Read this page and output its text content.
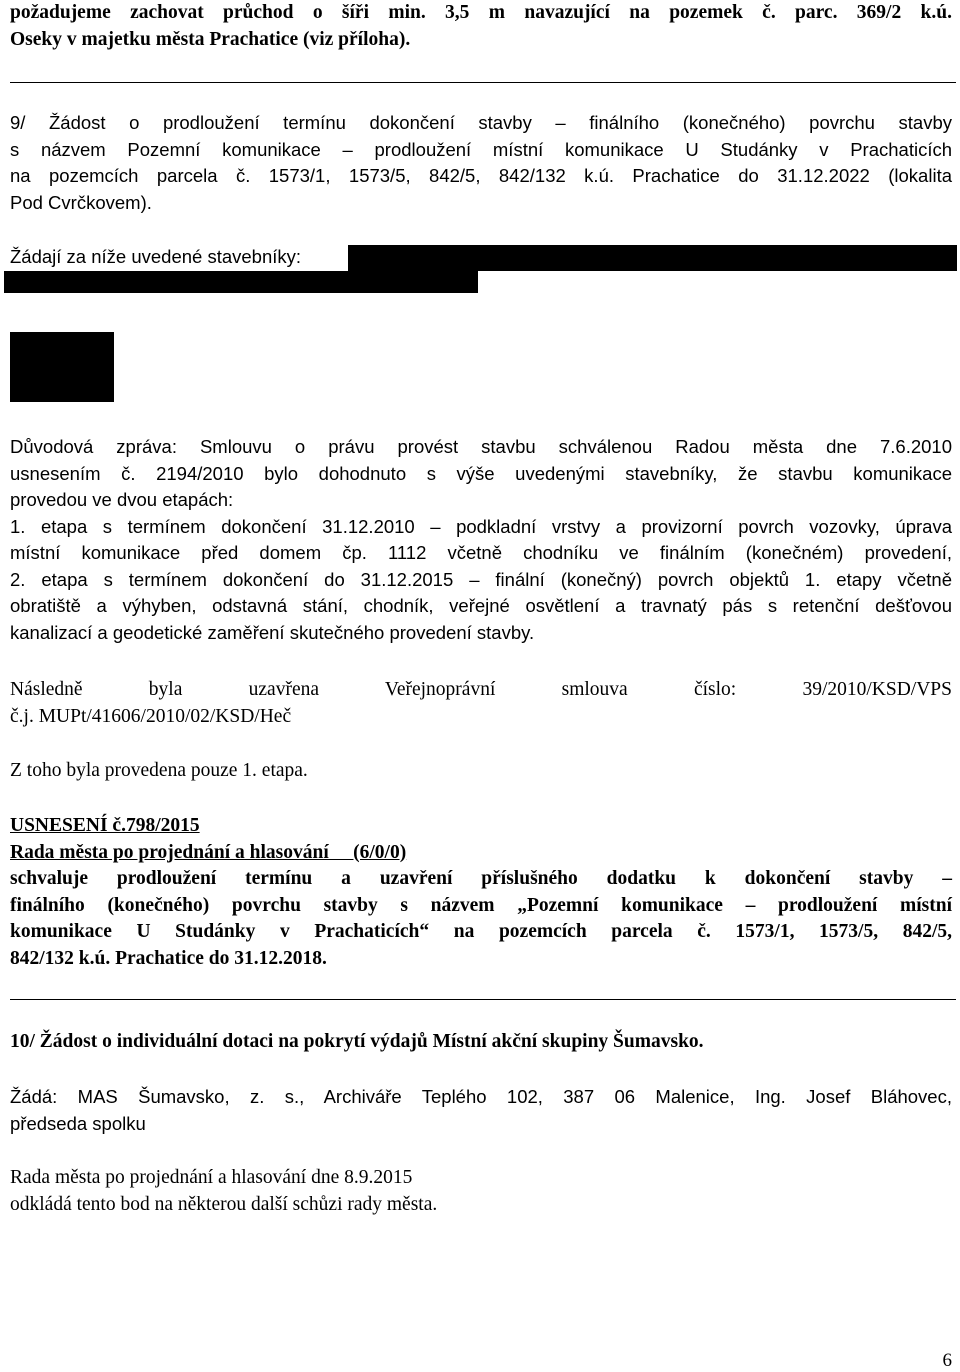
požadujeme zachovat průchod o šíři min. 3,5 m navazující na pozemek č. parc. 369/2 k.ú.

Oseky v majetku města Prachatice (viz příloha).

9/ Žádost o prodloužení termínu dokončení stavby – finálního (konečného) povrchu stavby

s názvem Pozemní komunikace – prodloužení místní komunikace U Studánky v Prachaticích

na pozemcích parcela č. 1573/1, 1573/5, 842/5, 842/132 k.ú. Prachatice do 31.12.2022 (lokalita

Pod Cvrčkovem).

Žádají za níže uvedené stavebníky:

Důvodová zpráva: Smlouvu o právu provést stavbu schválenou Radou města dne 7.6.2010

usnesením č. 2194/2010 bylo dohodnuto s výše uvedenými stavebníky, že stavbu komunikace

provedou ve dvou etapách:

1. etapa s termínem dokončení 31.12.2010 – podkladní vrstvy a provizorní povrch vozovky, úprava

místní komunikace před domem čp. 1112 včetně chodníku ve finálním (konečném) provedení,

2. etapa s termínem dokončení do 31.12.2015 – finální (konečný) povrch objektů 1. etapy včetně

obratiště a výhyben, odstavná stání, chodník, veřejné osvětlení a travnatý pás s retenční dešťovou

kanalizací a geodetické zaměření skutečného provedení stavby.

Následně byla uzavřena Veřejnoprávní smlouva číslo: 39/2010/KSD/VPS

č.j. MUPt/41606/2010/02/KSD/Heč

Z toho byla provedena pouze 1. etapa.

USNESENÍ č.798/2015

Rada města po projednání a hlasování     (6/0/0)

schvaluje prodloužení termínu a uzavření příslušného dodatku k dokončení stavby –

finálního (konečného) povrchu stavby s názvem „Pozemní komunikace – prodloužení místní

komunikace U Studánky v Prachaticích“ na pozemcích parcela č. 1573/1, 1573/5, 842/5,

842/132 k.ú. Prachatice do 31.12.2018.

10/ Žádost o individuální dotaci na pokrytí výdajů Místní akční skupiny Šumavsko.

Žádá: MAS Šumavsko, z. s., Archiváře Teplého 102, 387 06 Malenice, Ing. Josef Bláhovec,

předseda spolku

Rada města po projednání a hlasování dne 8.9.2015

odkládá tento bod na některou další schůzi rady města.

6
